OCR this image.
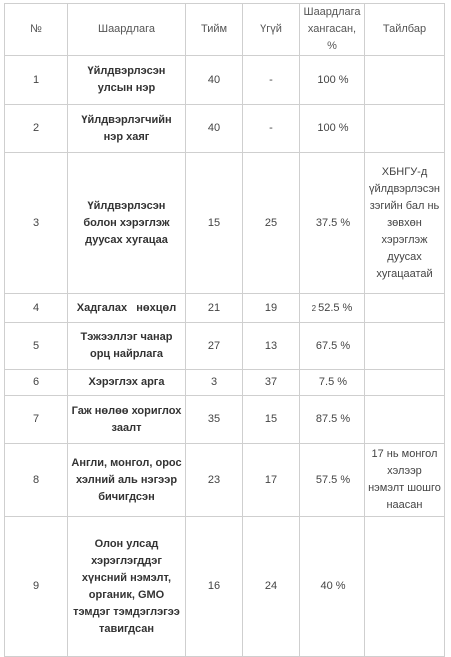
№	Шаардлага	Тийм	Үгүй	Шаардлага хангасан, %	Тайлбар
1	Үйлдвэрлэсэн улсын нэр	40	-	100 %	
2	Үйлдвэрлэгчийн нэр хаяг	40	-	100 %	
3	Үйлдвэрлэсэн болон хэрэглэж дуусах хугацаа	15	25	37.5 %	ХБНГУ-д үйлдвэрлэсэн зэгийн бал нь зөвхөн хэрэглэж дуусах хугацаатай
4	Хадгалах   нөхцөл	21	19	2 52.5 %	
5	Тэжээллэг чанар орц найрлага	27	13	67.5 %	
6	Хэрэглэх арга	3	37	7.5 %	
7	Гаж нөлөө хориглох заалт	35	15	87.5 %	
8	Англи, монгол, орос хэлний аль нэгээр бичигдсэн	23	17	57.5 %	17 нь монгол хэлээр нэмэлт шошго наасан
9	Олон улсад хэрэглэгддэг хүнсний нэмэлт, органик, GMO тэмдэг тэмдэглэгээ тавигдсан	16	24	40 %	
